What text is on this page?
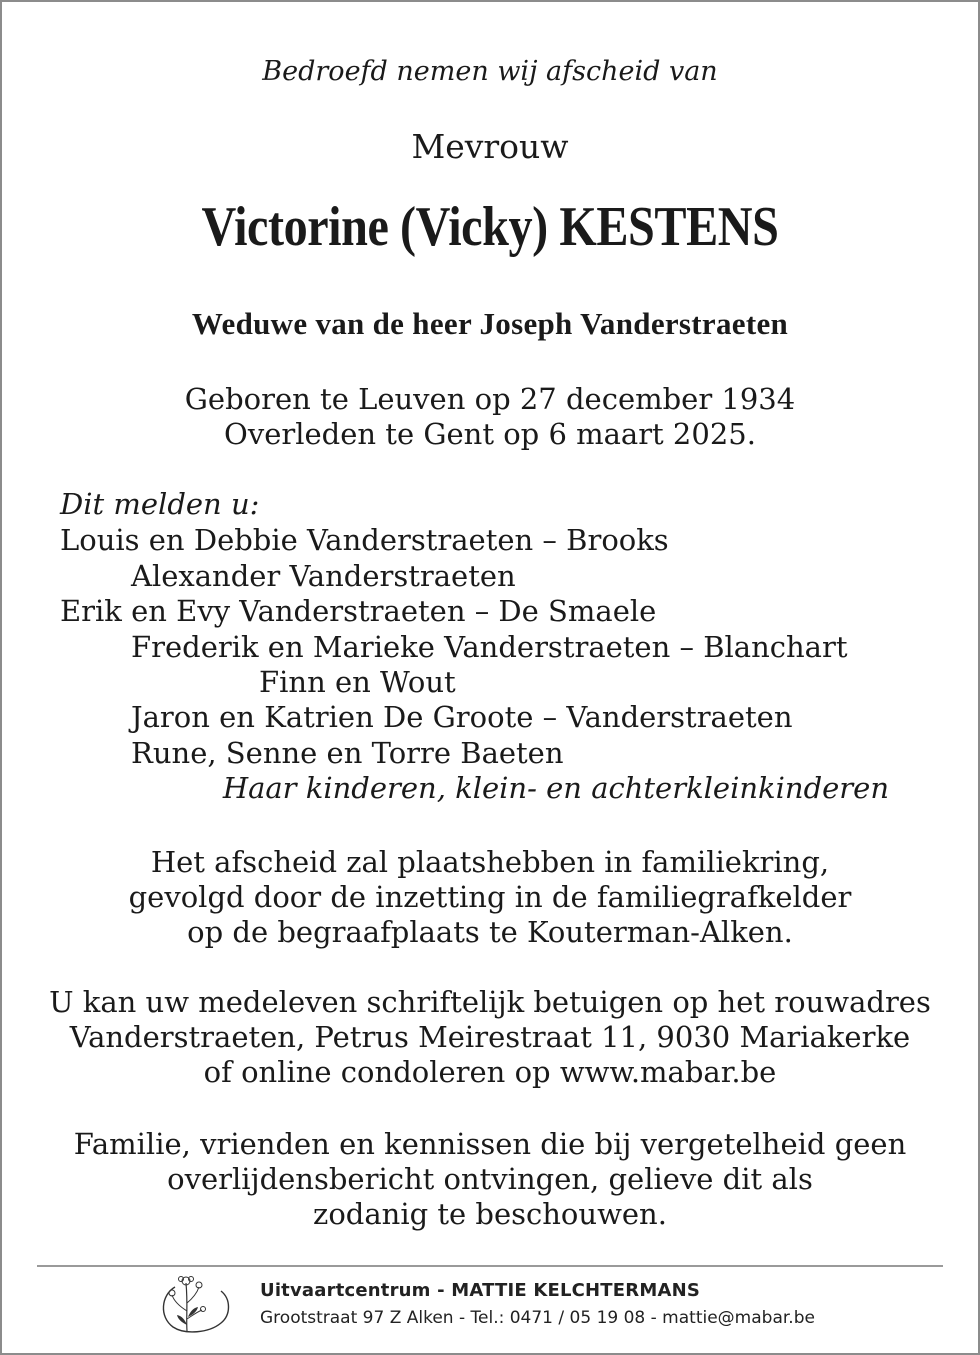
Bedroefd nemen wij afscheid van
Mevrouw
Victorine (Vicky) KESTENS
Weduwe van de heer Joseph Vanderstraeten
Geboren te Leuven op 27 december 1934
Overleden te Gent op 6 maart 2025.
Dit melden u:
Louis en Debbie Vanderstraeten – Brooks
Alexander Vanderstraeten
Erik en Evy Vanderstraeten – De Smaele
Frederik en Marieke Vanderstraeten – Blanchart
Finn en Wout
Jaron en Katrien De Groote – Vanderstraeten
Rune, Senne en Torre Baeten
Haar kinderen, klein- en achterkleinkinderen
Het afscheid zal plaatshebben in familiekring,
gevolgd door de inzetting in de familiegrafkelder
op de begraafplaats te Kouterman-Alken.
U kan uw medeleven schriftelijk betuigen op het rouwadres
Vanderstraeten, Petrus Meirestraat 11, 9030 Mariakerke
of online condoleren op www.mabar.be
Familie, vrienden en kennissen die bij vergetelheid geen
overlijdensbericht ontvingen, gelieve dit als
zodanig te beschouwen.
Uitvaartcentrum - MATTIE KELCHTERMANS
Grootstraat 97 Z Alken - Tel.: 0471 / 05 19 08 - mattie@mabar.be
